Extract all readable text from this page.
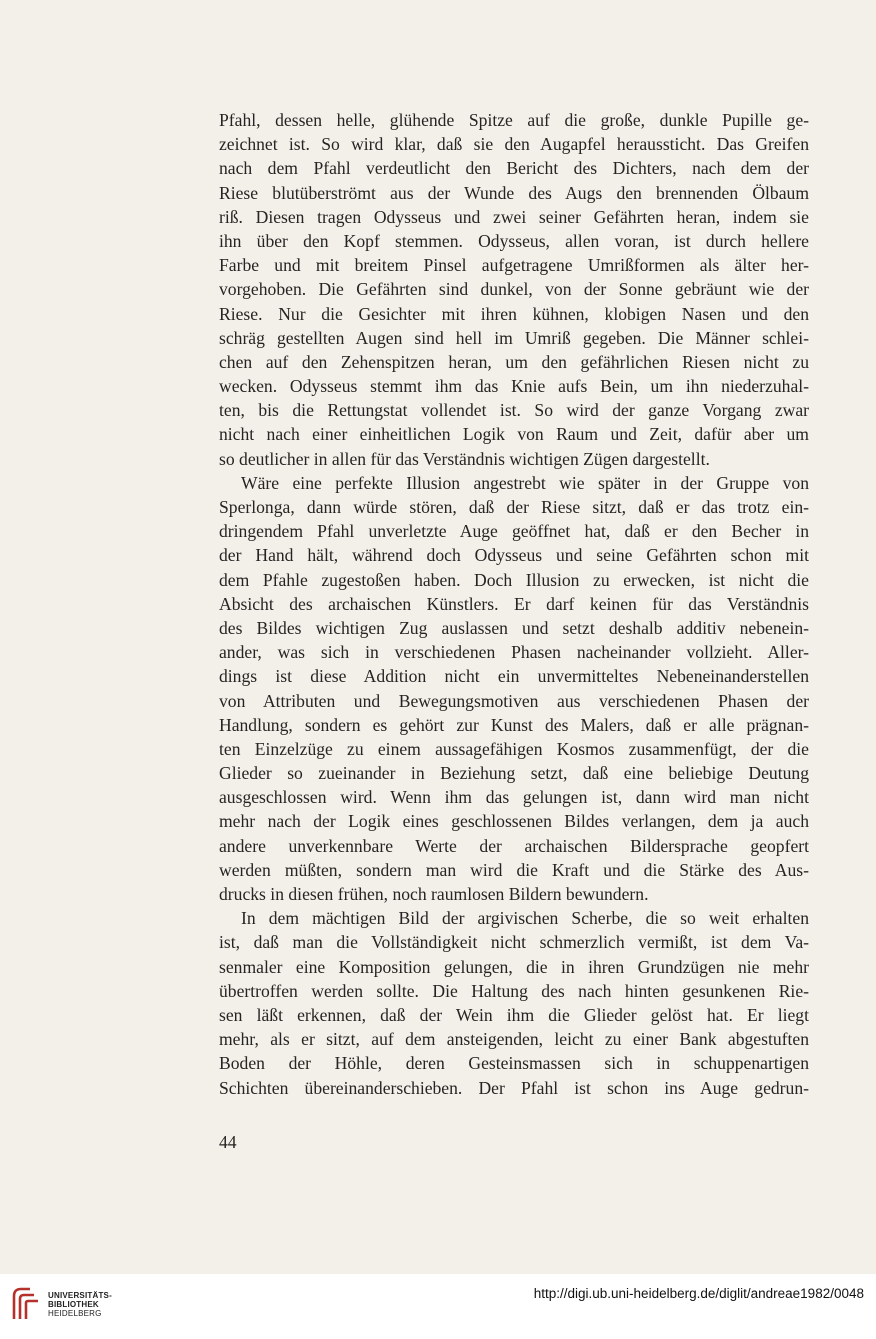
Pfahl, dessen helle, glühende Spitze auf die große, dunkle Pupille ge-
zeichnet ist. So wird klar, daß sie den Augapfel heraussticht. Das Greifen
nach dem Pfahl verdeutlicht den Bericht des Dichters, nach dem der
Riese blutüberströmt aus der Wunde des Augs den brennenden Ölbaum
riß. Diesen tragen Odysseus und zwei seiner Gefährten heran, indem sie
ihn über den Kopf stemmen. Odysseus, allen voran, ist durch hellere
Farbe und mit breitem Pinsel aufgetragene Umrißformen als älter her-
vorgehoben. Die Gefährten sind dunkel, von der Sonne gebräunt wie der
Riese. Nur die Gesichter mit ihren kühnen, klobigen Nasen und den
schräg gestellten Augen sind hell im Umriß gegeben. Die Männer schlei-
chen auf den Zehenspitzen heran, um den gefährlichen Riesen nicht zu
wecken. Odysseus stemmt ihm das Knie aufs Bein, um ihn niederzuhal-
ten, bis die Rettungstat vollendet ist. So wird der ganze Vorgang zwar
nicht nach einer einheitlichen Logik von Raum und Zeit, dafür aber um
so deutlicher in allen für das Verständnis wichtigen Zügen dargestellt.
Wäre eine perfekte Illusion angestrebt wie später in der Gruppe von
Sperlonga, dann würde stören, daß der Riese sitzt, daß er das trotz ein-
dringendem Pfahl unverletzte Auge geöffnet hat, daß er den Becher in
der Hand hält, während doch Odysseus und seine Gefährten schon mit
dem Pfahle zugestoßen haben. Doch Illusion zu erwecken, ist nicht die
Absicht des archaischen Künstlers. Er darf keinen für das Verständnis
des Bildes wichtigen Zug auslassen und setzt deshalb additiv nebenein-
ander, was sich in verschiedenen Phasen nacheinander vollzieht. Aller-
dings ist diese Addition nicht ein unvermitteltes Nebeneinanderstellen
von Attributen und Bewegungsmotiven aus verschiedenen Phasen der
Handlung, sondern es gehört zur Kunst des Malers, daß er alle prägnan-
ten Einzelzüge zu einem aussagefähigen Kosmos zusammenfügt, der die
Glieder so zueinander in Beziehung setzt, daß eine beliebige Deutung
ausgeschlossen wird. Wenn ihm das gelungen ist, dann wird man nicht
mehr nach der Logik eines geschlossenen Bildes verlangen, dem ja auch
andere unverkennbare Werte der archaischen Bildersprache geopfert
werden müßten, sondern man wird die Kraft und die Stärke des Aus-
drucks in diesen frühen, noch raumlosen Bildern bewundern.
In dem mächtigen Bild der argivischen Scherbe, die so weit erhalten
ist, daß man die Vollständigkeit nicht schmerzlich vermißt, ist dem Va-
senmaler eine Komposition gelungen, die in ihren Grundzügen nie mehr
übertroffen werden sollte. Die Haltung des nach hinten gesunkenen Rie-
sen läßt erkennen, daß der Wein ihm die Glieder gelöst hat. Er liegt
mehr, als er sitzt, auf dem ansteigenden, leicht zu einer Bank abgestuften
Boden der Höhle, deren Gesteinsmassen sich in schuppenartigen
Schichten übereinanderschieben. Der Pfahl ist schon ins Auge gedrun-
44
UNIVERSITÄTS-
BIBLIOTHEK
HEIDELBERG
http://digi.ub.uni-heidelberg.de/diglit/andreae1982/0048
